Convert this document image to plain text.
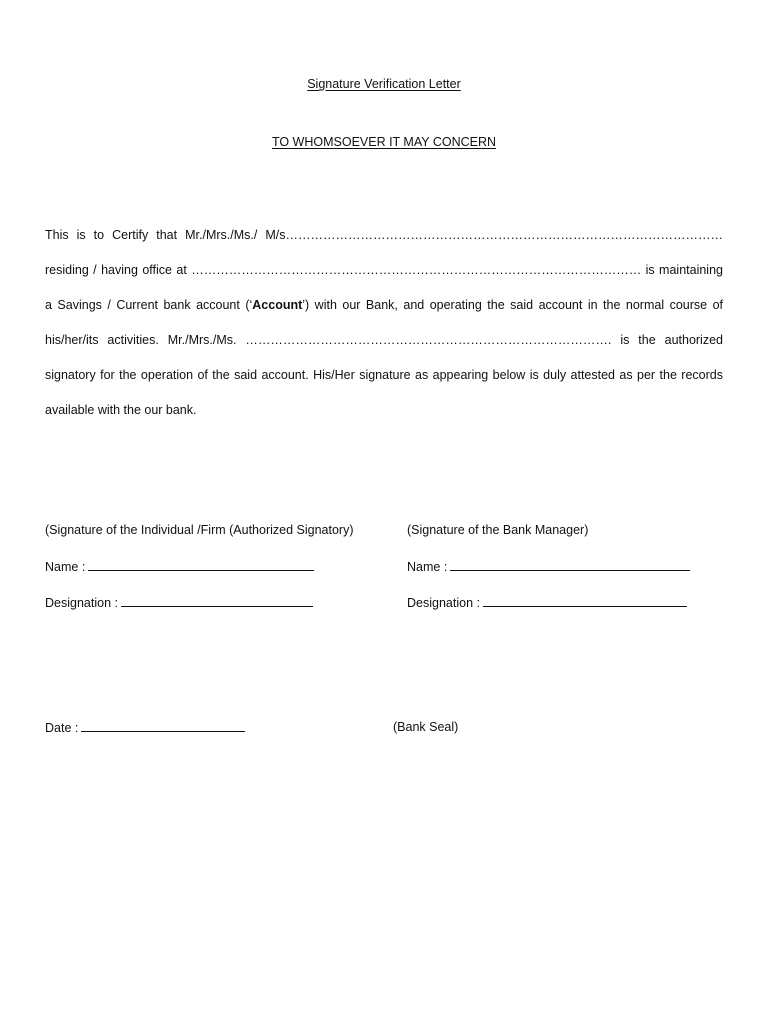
Signature Verification Letter
TO WHOMSOEVER IT MAY CONCERN

This is to Certify that Mr./Mrs./Ms./ M/s……………………………………………………………………………………………residing / having office at ……………………………………………………………………………………………… is maintaining a Savings / Current bank account (‘Account’) with our Bank, and operating the said account in the normal course of his/her/its activities. Mr./Mrs./Ms. ……………………………………………………………………………. is the authorized signatory for the operation of the said account. His/Her signature as appearing below is duly attested as per the records available with the our bank.

(Signature of the Individual /Firm (Authorized Signatory)
Name :
Designation :
(Signature of the Bank Manager)
Name :
Designation :
Date :	(Bank Seal)
